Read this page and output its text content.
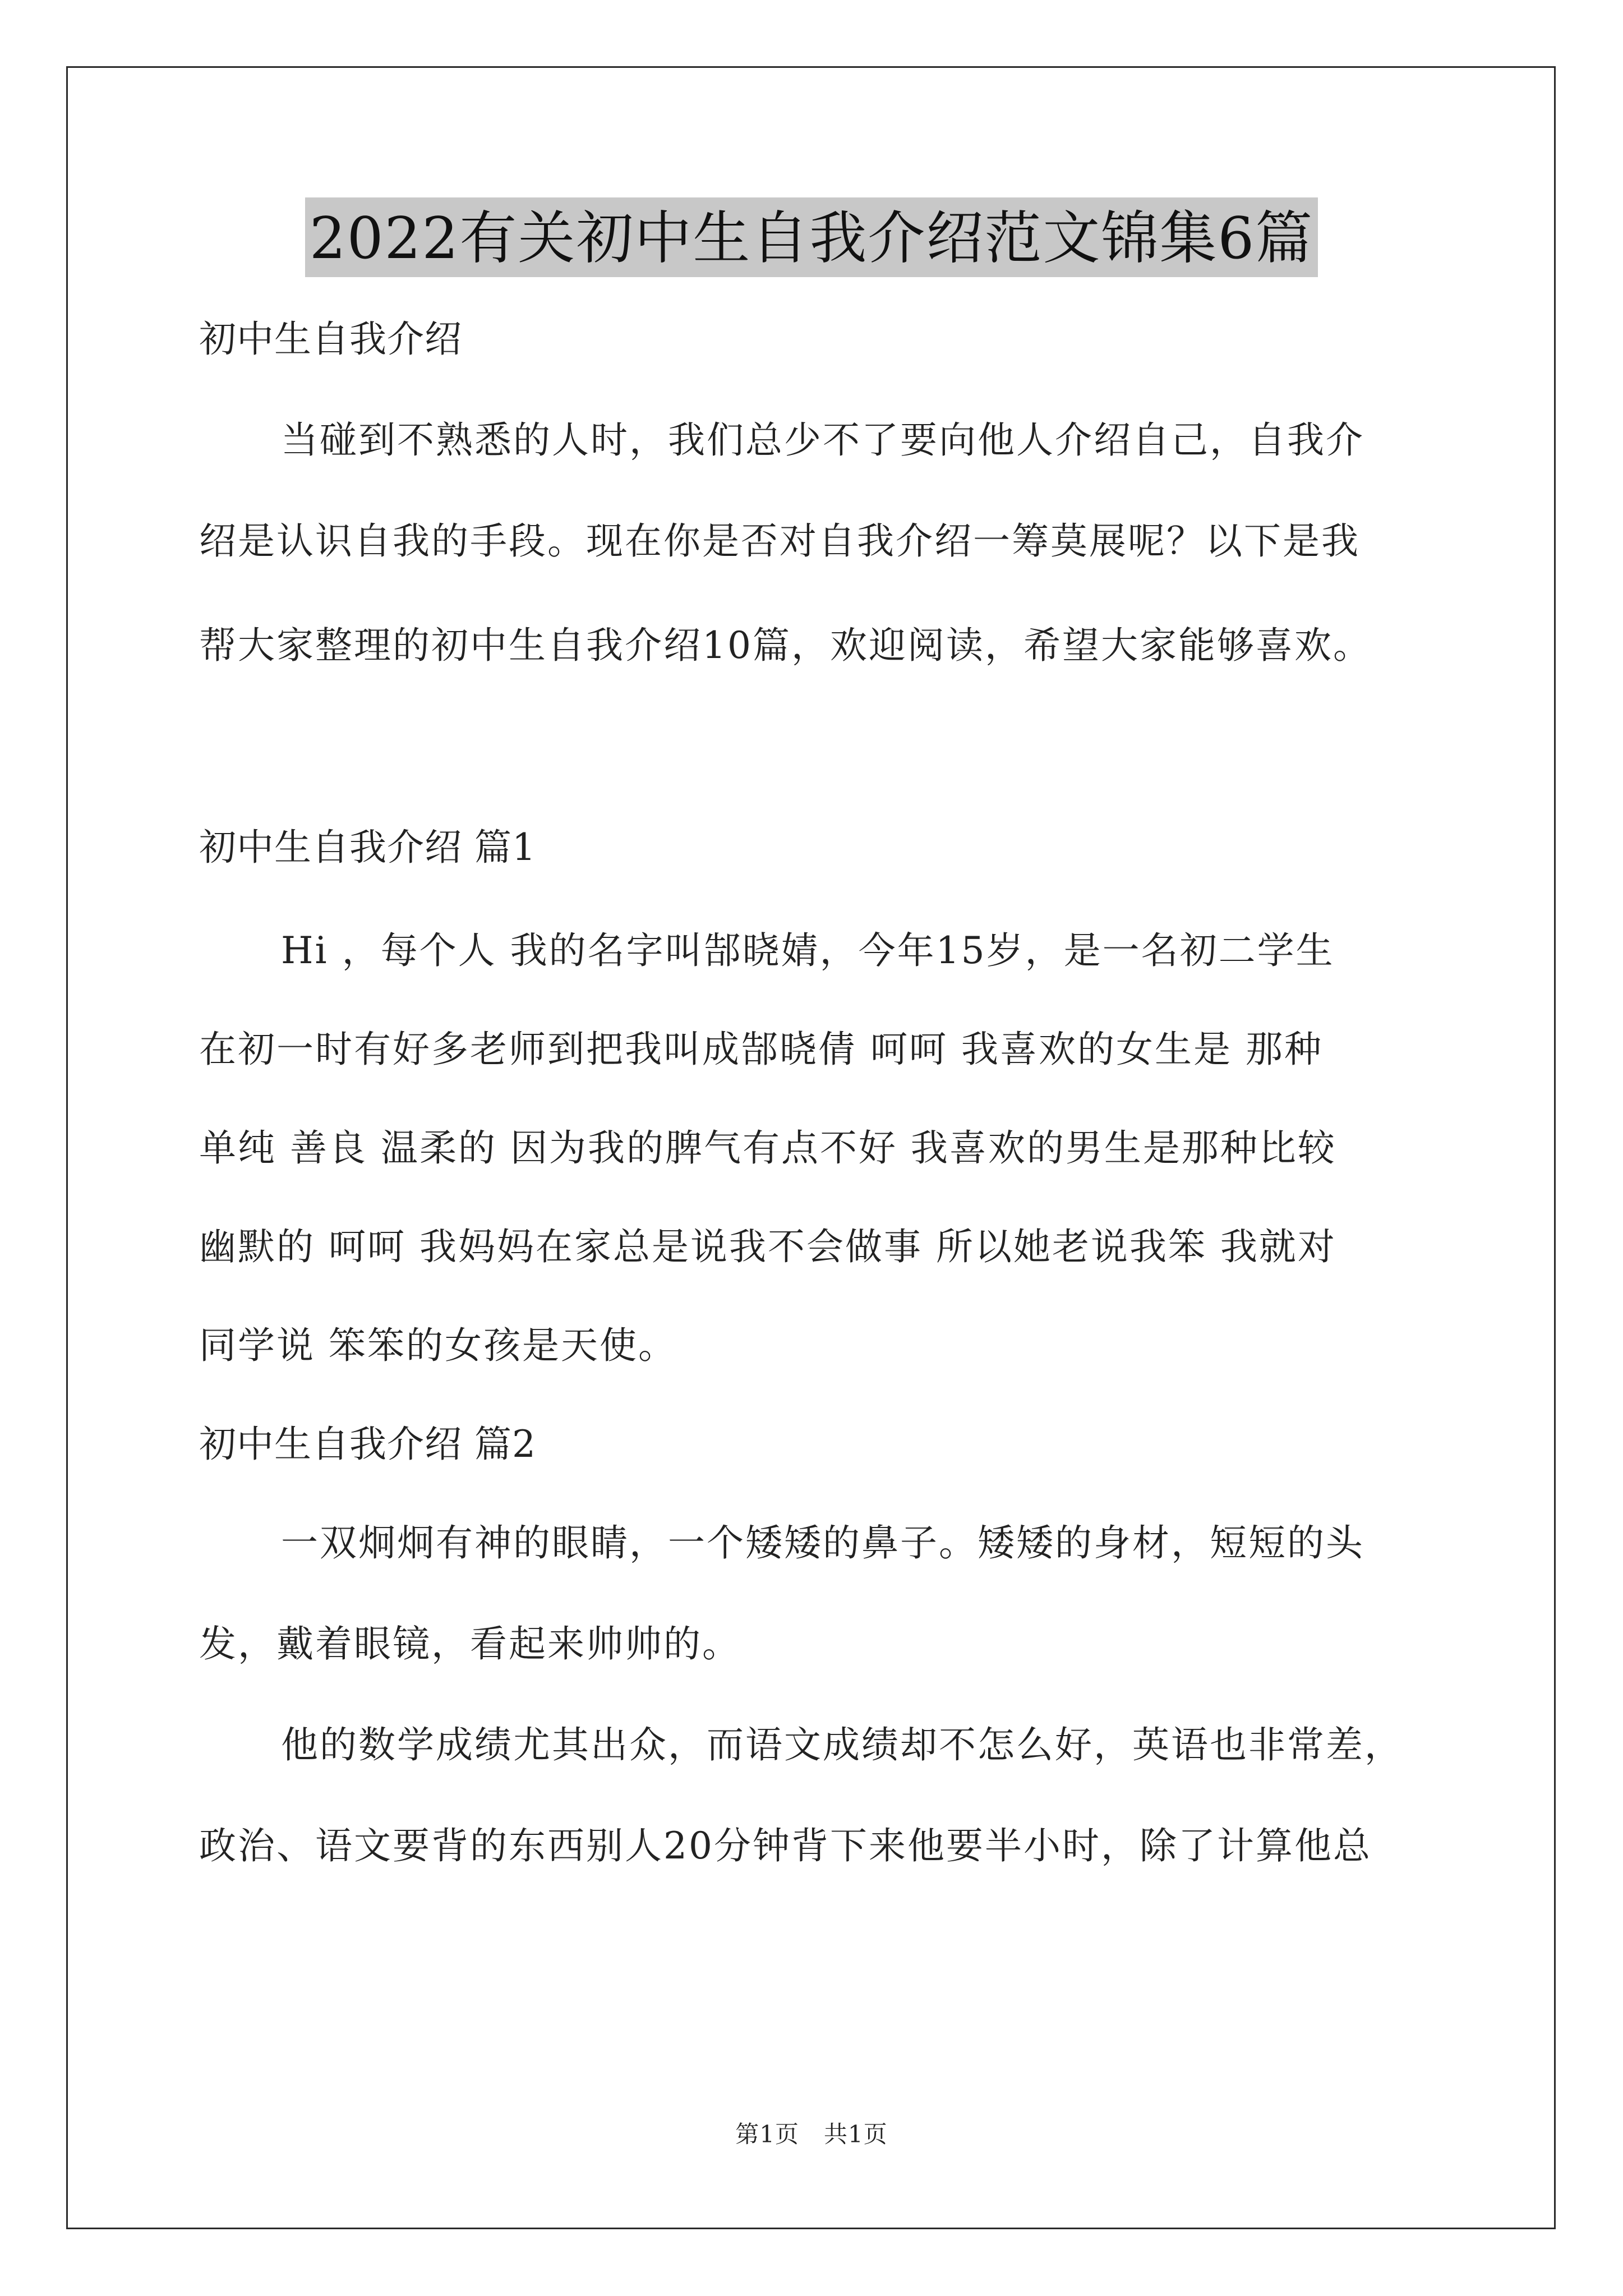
2022有关初中生自我介绍范文锦集6篇

初中生自我介绍

当碰到不熟悉的人时，我们总少不了要向他人介绍自己，自我介

绍是认识自我的手段。现在你是否对自我介绍一筹莫展呢？以下是我

帮大家整理的初中生自我介绍10篇，欢迎阅读，希望大家能够喜欢。

初中生自我介绍 篇1

Hi ，每个人 我的名字叫郜晓婧，今年15岁，是一名初二学生

在初一时有好多老师到把我叫成郜晓倩 呵呵 我喜欢的女生是 那种

单纯 善良 温柔的 因为我的脾气有点不好 我喜欢的男生是那种比较

幽默的 呵呵 我妈妈在家总是说我不会做事 所以她老说我笨 我就对

同学说 笨笨的女孩是天使。

初中生自我介绍 篇2

一双炯炯有神的眼睛，一个矮矮的鼻子。矮矮的身材，短短的头

发，戴着眼镜，看起来帅帅的。

他的数学成绩尤其出众，而语文成绩却不怎么好，英语也非常差，

政治、语文要背的东西别人20分钟背下来他要半小时，除了计算他总

第1页 共1页
